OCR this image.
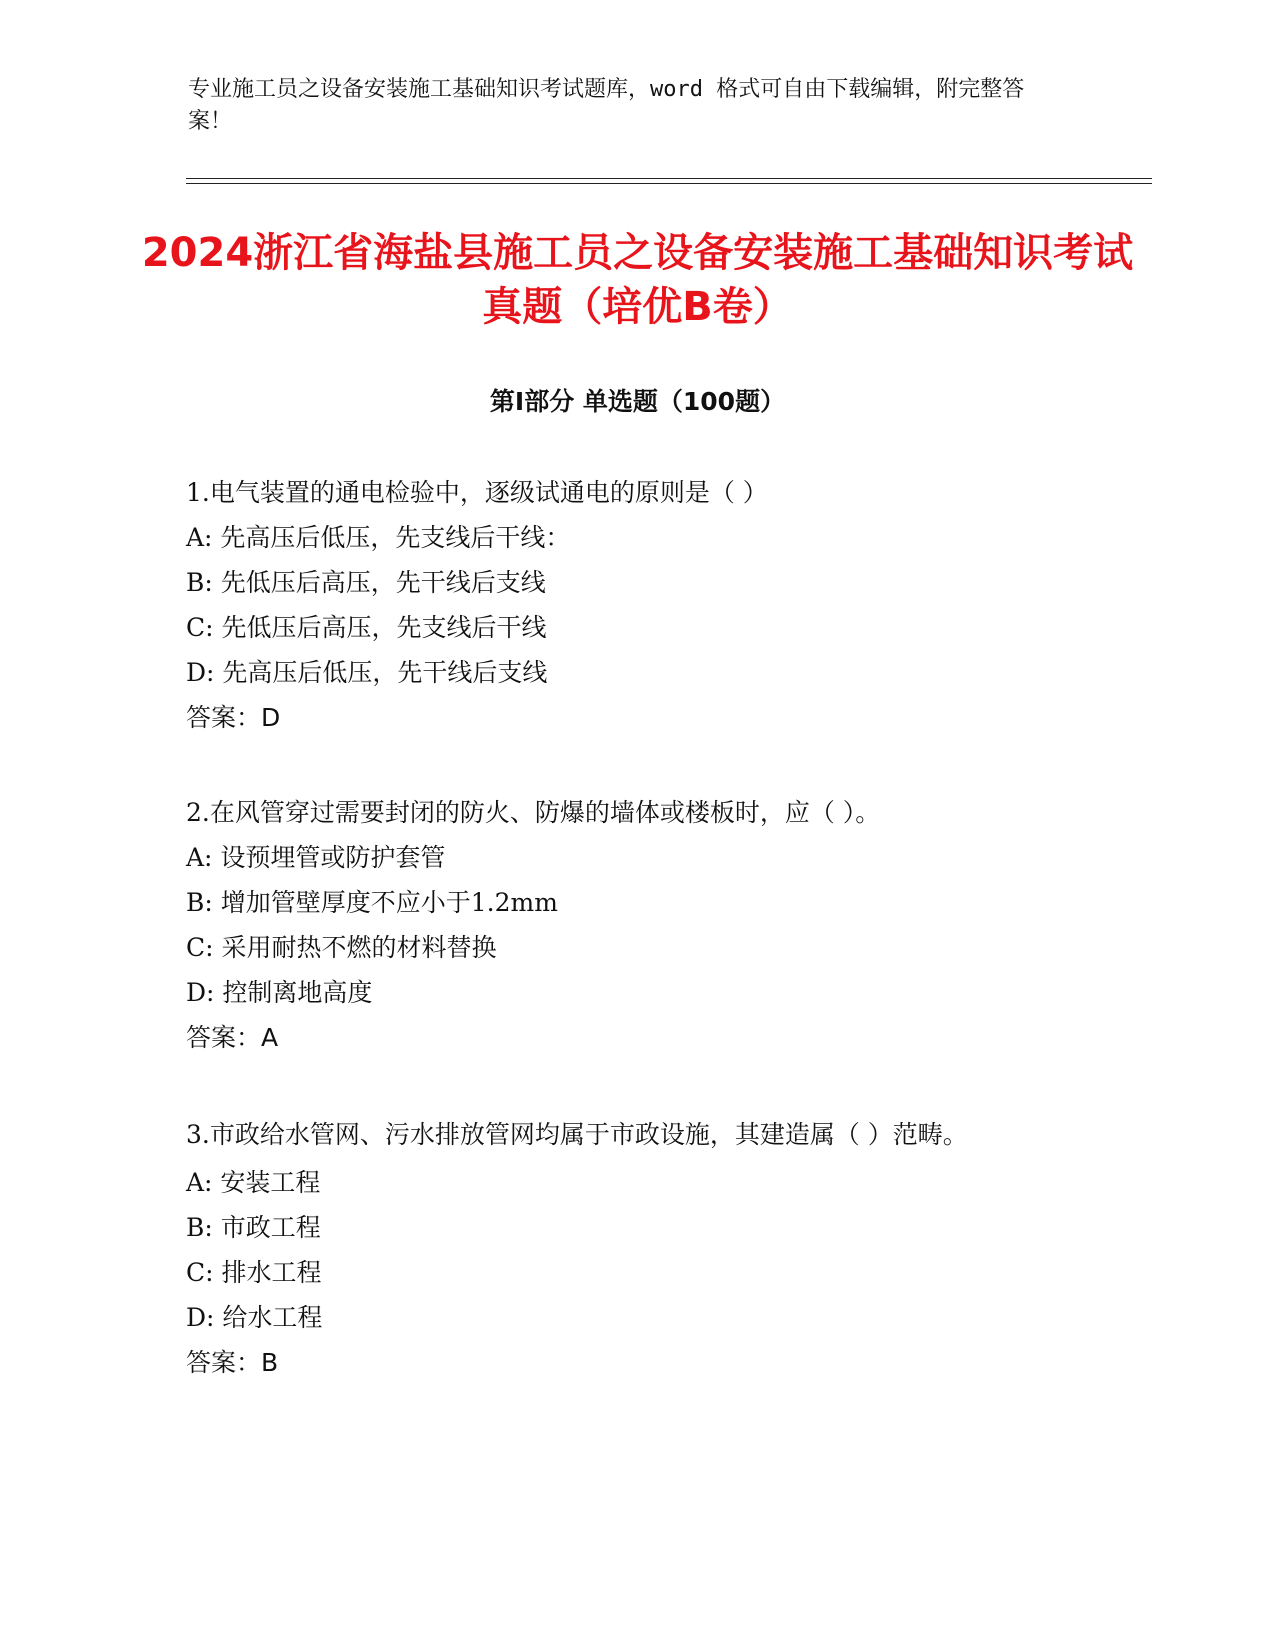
专业施工员之设备安装施工基础知识考试题库，word 格式可自由下载编辑，附完整答案！
2024浙江省海盐县施工员之设备安装施工基础知识考试真题（培优B卷）
第Ⅰ部分 单选题（100题）
1.电气装置的通电检验中，逐级试通电的原则是（ ）
A: 先高压后低压，先支线后干线：
B: 先低压后高压，先干线后支线
C: 先低压后高压，先支线后干线
D: 先高压后低压，先干线后支线
答案：D
2.在风管穿过需要封闭的防火、防爆的墙体或楼板时，应（ ）。
A: 设预埋管或防护套管
B: 增加管壁厚度不应小于1.2mm
C: 采用耐热不燃的材料替换
D: 控制离地高度
答案：A
3.市政给水管网、污水排放管网均属于市政设施，其建造属（ ）范畴。
A: 安装工程
B: 市政工程
C: 排水工程
D: 给水工程
答案：B
